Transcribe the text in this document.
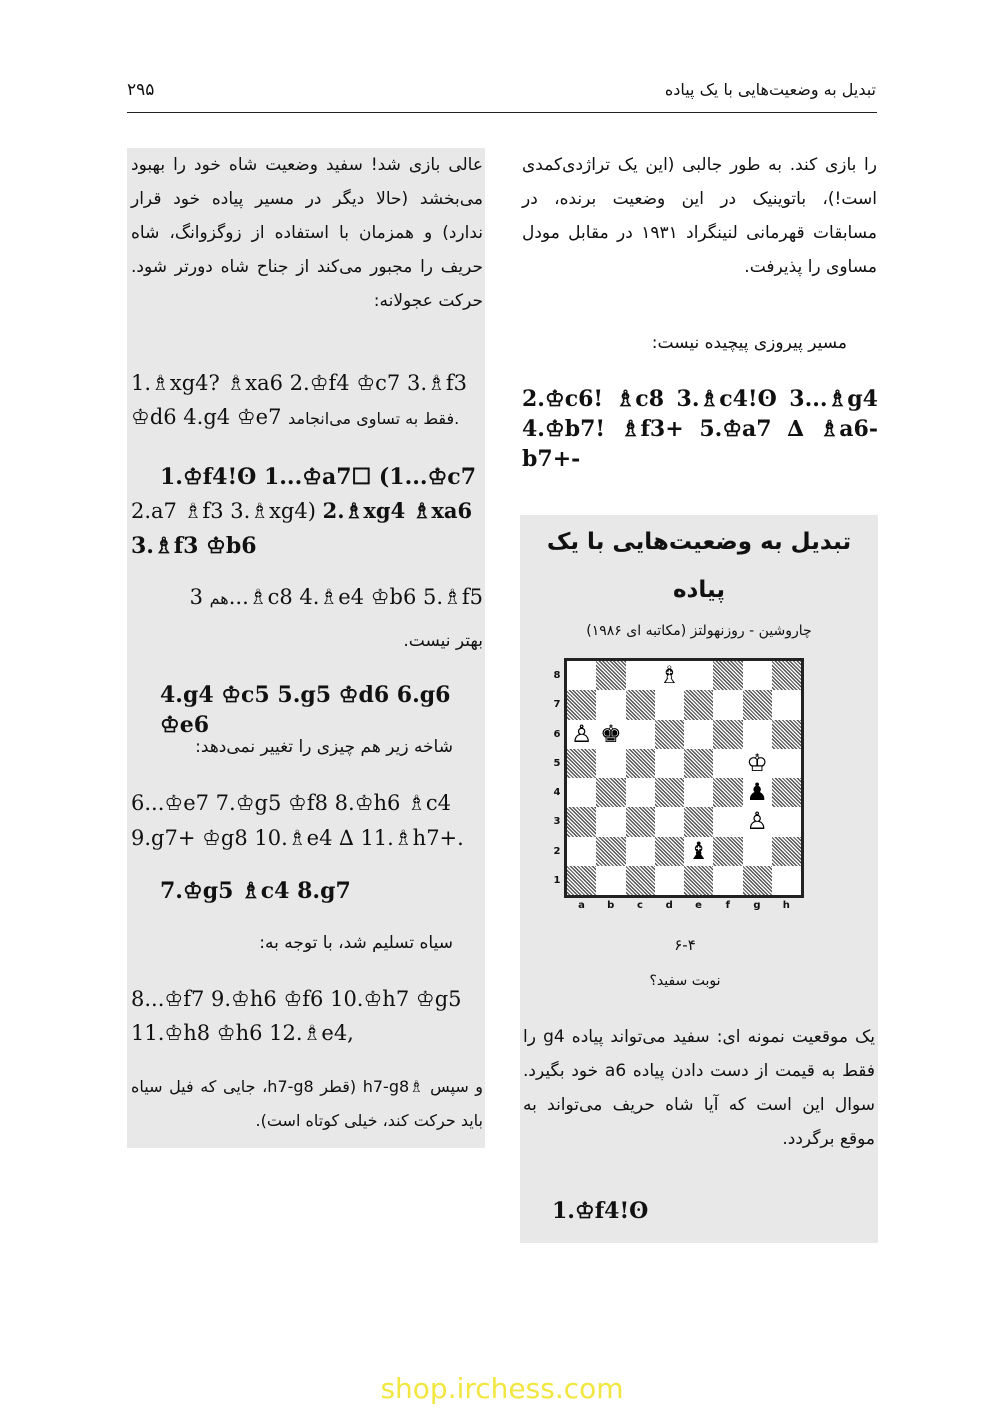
۲۹۵	تبدیل به وضعیت‌هایی با یک پیاده
را بازی کند. به طور جالبی (این یک تراژدی‌کمدی است!)، باتوینیک در این وضعیت برنده، در مسابقات قهرمانی لنینگراد ۱۹۳۱ در مقابل مودل مساوی را پذیرفت.
مسیر پیروزی پیچیده نیست:
2.♔c6! ♗c8 3.♗c4!ʘ 3...♗g4 4.♔b7! ♗f3+ 5.♔a7 ∆ ♗a6-b7+-
تبدیل به وضعیت‌هایی با یک
پیاده
چاروشین - روزنهولتز (مکاتبه ای ۱۹۸۶)
♗
♙ ♚
♔
♟
♙
♝
8
7
6
5
4
3
2
1
a	b	c	d	e	f	g	h
۶-۴
نوبت سفید؟
یک موقعیت نمونه ای: سفید می‌تواند پیاده g4 را فقط به قیمت از دست دادن پیاده a6 خود بگیرد. سوال این است که آیا شاه حریف می‌تواند به موقع برگردد.
1.♔f4!ʘ
عالی بازی شد! سفید وضعیت شاه خود را بهبود می‌بخشد (حالا دیگر در مسیر پیاده خود قرار ندارد) و همزمان با استفاده از زوگزوانگ، شاه حریف را مجبور می‌کند از جناح شاه دورتر شود. حرکت عجولانه:
1.♗xg4? ♗xa6 2.♔f4 ♔c7 3.♗f3
♔d6 4.g4 ♔e7 فقط به تساوی می‌انجامد.
1.♔f4!ʘ 1...♔a7☐ (1...♔c7
2.a7 ♗f3 3.♗xg4) 2.♗xg4 ♗xa6
3.♗f3 ♔b6
هم 3...♗c8 4.♗e4 ♔b6 5.♗f5
بهتر نیست.
4.g4 ♔c5 5.g5 ♔d6 6.g6 ♔e6
شاخه زیر هم چیزی را تغییر نمی‌دهد:
6...♔e7 7.♔g5 ♔f8 8.♔h6 ♗c4
9.g7+ ♔g8 10.♗e4 ∆ 11.♗h7+.
7.♔g5 ♗c4 8.g7
سیاه تسلیم شد، با توجه به:
8...♔f7 9.♔h6 ♔f6 10.♔h7 ♔g5
11.♔h8 ♔h6 12.♗e4,
و سپس ♗h7-g8 (قطر h7-g8، جایی که فیل سیاه باید حرکت کند، خیلی کوتاه است).
shop.irchess.com
